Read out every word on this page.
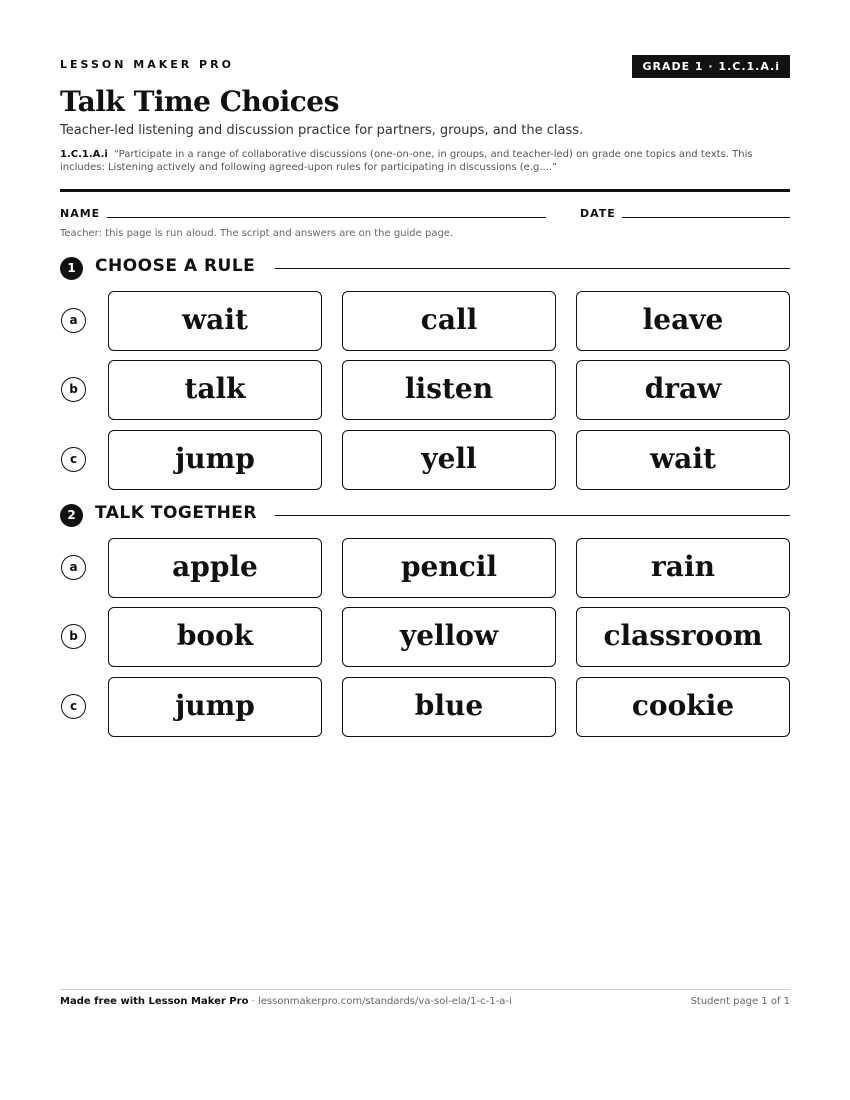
LESSON MAKER PRO	GRADE 1 · 1.C.1.A.i
Talk Time Choices

Teacher-led listening and discussion practice for partners, groups, and the class.

1.C.1.A.i “Participate in a range of collaborative discussions (one-on-one, in groups, and teacher-led) on grade one topics and texts. This includes: Listening actively and following agreed-upon rules for participating in discussions (e.g....”

NAME	DATE
Teacher: this page is run aloud. The script and answers are on the guide page.
1	CHOOSE A RULE
a	wait	call	leave
b	talk	listen	draw
c	jump	yell	wait
2	TALK TOGETHER
a	apple	pencil	rain
b	book	yellow	classroom
c	jump	blue	cookie
Made free with Lesson Maker Pro · lessonmakerpro.com/standards/va-sol-ela/1-c-1-a-i	Student page 1 of 1
